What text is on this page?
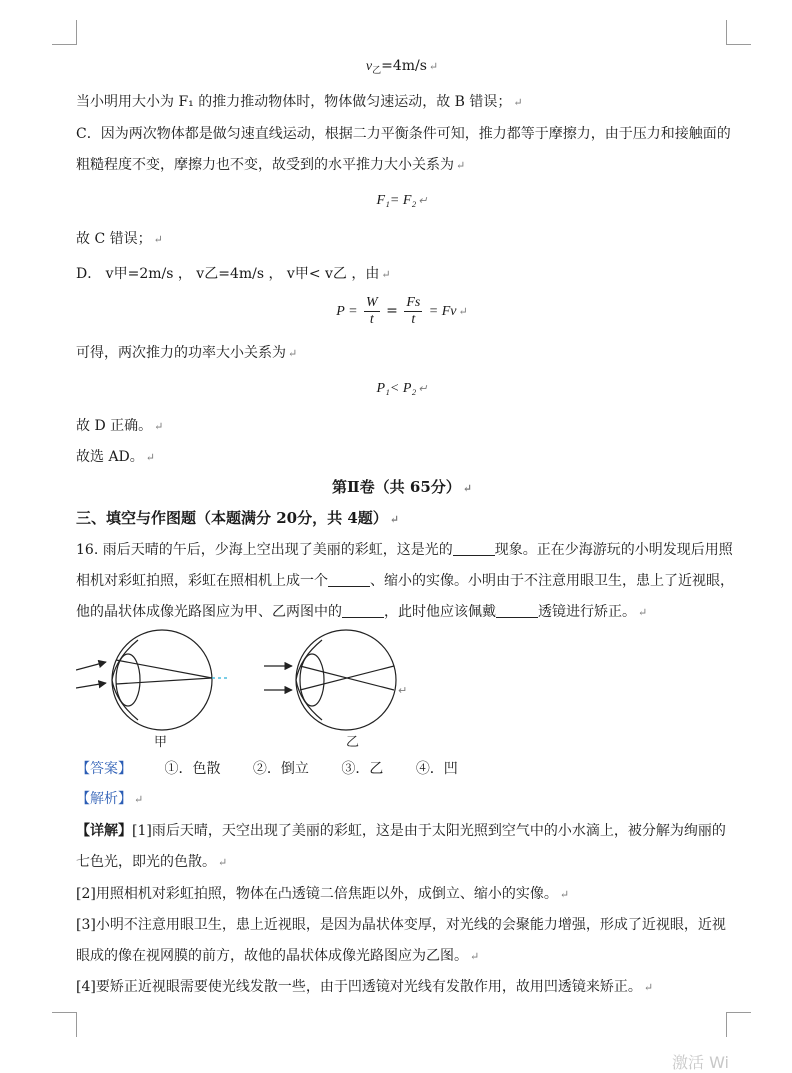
$v_乙=4m/s$ ↵
当小明用大小为 F₁ 的推力推动物体时，物体做匀速运动，故 B 错误； ↵
C．因为两次物体都是做匀速直线运动，根据二力平衡条件可知，推力都等于摩擦力，由于压力和接触面的
粗糙程度不变，摩擦力也不变，故受到的水平推力大小关系为 ↵
F₁= F₂ ↵
故 C 错误； ↵
D． v甲=2m/s ， v乙=4m/s ， v甲< v乙 ，由 ↵
$P = \frac{W}{t} = \frac{Fs}{t} = Fv$ ↵
可得，两次推力的功率大小关系为 ↵
P₁< P₂ ↵
故 D 正确。 ↵
故选 AD。 ↵
第Ⅱ卷（共 65分） ↵
三、填空与作图题（本题满分 20分，共 4题） ↵
16. 雨后天晴的午后，少海上空出现了美丽的彩虹，这是光的	现象。正在少海游玩的小明发现后用照
相机对彩虹拍照，彩虹在照相机上成一个	、缩小的实像。小明由于不注意用眼卫生，患上了近视眼，
他的晶状体成像光路图应为甲、乙两图中的	，此时他应该佩戴	透镜进行矫正。 ↵
甲	乙
↵
【答案】 ①．色散 ②．倒立 ③．乙 ④．凹
【解析】 ↵
【详解】[1]雨后天晴，天空出现了美丽的彩虹，这是由于太阳光照到空气中的小水滴上，被分解为绚丽的
七色光，即光的色散。 ↵
[2]用照相机对彩虹拍照，物体在凸透镜二倍焦距以外，成倒立、缩小的实像。 ↵
[3]小明不注意用眼卫生，患上近视眼，是因为晶状体变厚，对光线的会聚能力增强，形成了近视眼，近视
眼成的像在视网膜的前方，故他的晶状体成像光路图应为乙图。 ↵
[4]要矫正近视眼需要使光线发散一些，由于凹透镜对光线有发散作用，故用凹透镜来矫正。 ↵
激活 Wi
